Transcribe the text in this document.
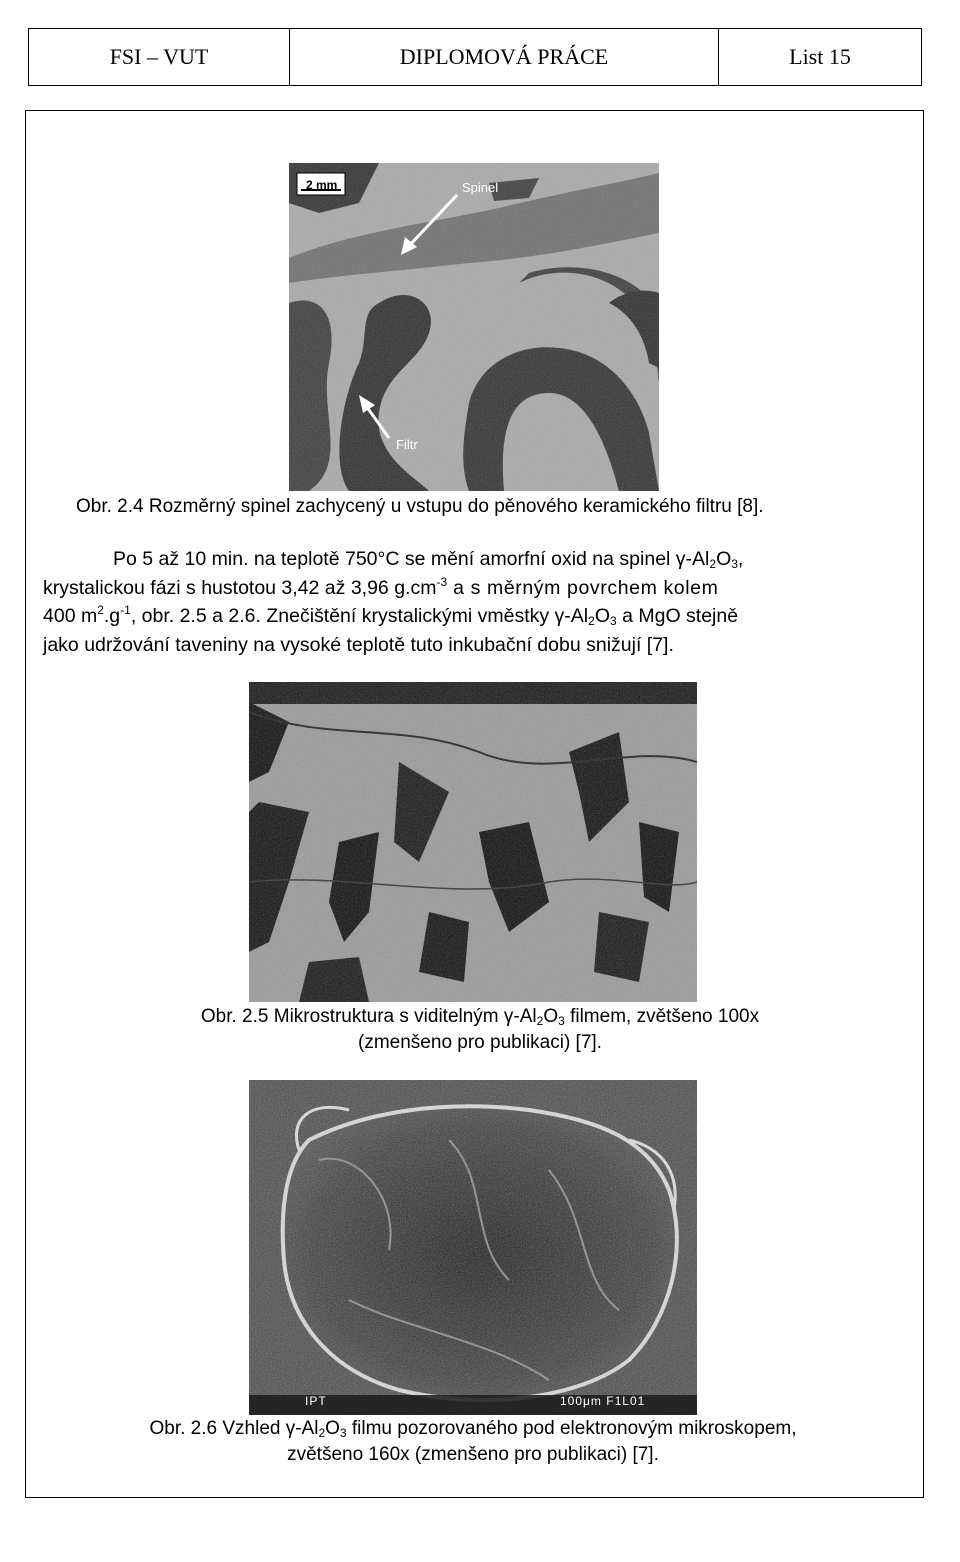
FSI – VUT	DIPLOMOVÁ PRÁCE	List 15
2 mm	Spinel
Filtr
Obr. 2.4 Rozměrný spinel zachycený u vstupu do pěnového keramického filtru [8].
Po 5 až 10 min. na teplotě 750°C se mění amorfní oxid na spinel $\gamma-Al_2O_3$,
krystalickou fázi s hustotou 3,42 až 3,96 $g.cm^{-3}$ a s měrným povrchem kolem
400 $m^2.g^{-1}$, obr. 2.5 a 2.6. Znečištění krystalickými vměstky $\gamma-Al_2O_3$ a MgO stejně
jako udržování taveniny na vysoké teplotě tuto inkubační dobu snižují [7].
Obr. 2.5 Mikrostruktura s viditelným $\gamma-Al_2O_3$ filmem, zvětšeno 100x
(zmenšeno pro publikaci) [7].
IPT	100μm F1L01
Obr. 2.6 Vzhled $\gamma-Al_2O_3$ filmu pozorovaného pod elektronovým mikroskopem,
zvětšeno 160x (zmenšeno pro publikaci) [7].
